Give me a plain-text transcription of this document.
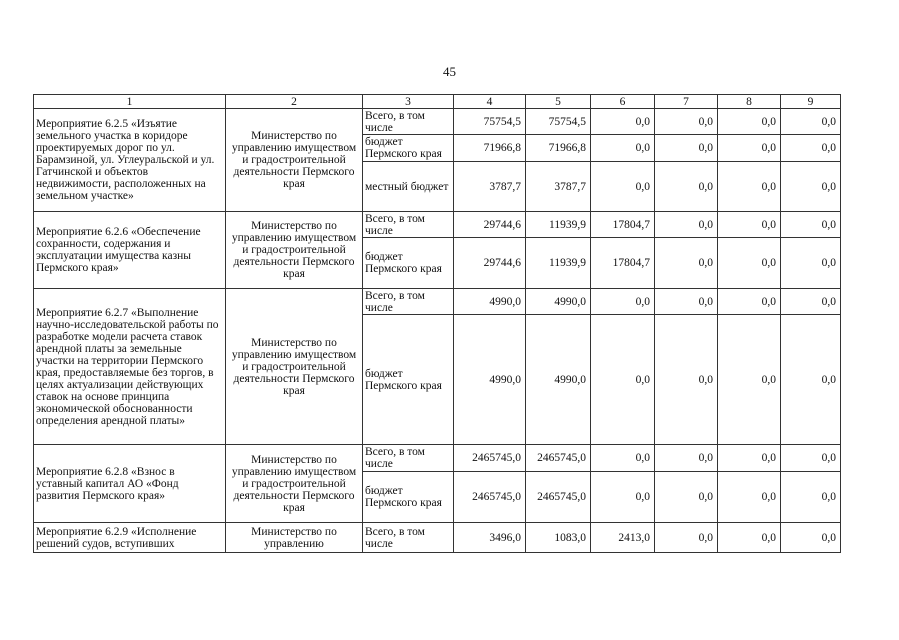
45
1	2	3	4	5	6	7	8	9
Мероприятие 6.2.5 «Изъятие земельного участка в коридоре проектируемых дорог по ул. Барамзиной, ул. Углеуральской и ул. Гатчинской и объектов недвижимости, расположенных на земельном участке»	Министерство по управлению имуществом и градостроительной деятельности Пермского края	Всего, в том числе	75754,5	75754,5	0,0	0,0	0,0	0,0
		бюджет Пермского края	71966,8	71966,8	0,0	0,0	0,0	0,0
		местный бюджет	3787,7	3787,7	0,0	0,0	0,0	0,0
Мероприятие 6.2.6 «Обеспечение сохранности, содержания и эксплуатации имущества казны Пермского края»	Министерство по управлению имуществом и градостроительной деятельности Пермского края	Всего, в том числе	29744,6	11939,9	17804,7	0,0	0,0	0,0
		бюджет Пермского края	29744,6	11939,9	17804,7	0,0	0,0	0,0
Мероприятие 6.2.7 «Выполнение научно-исследовательской работы по разработке модели расчета ставок арендной платы за земельные участки на территории Пермского края, предоставляемые без торгов, в целях актуализации действующих ставок на основе принципа экономической обоснованности определения арендной платы»	Министерство по управлению имуществом и градостроительной деятельности Пермского края	Всего, в том числе	4990,0	4990,0	0,0	0,0	0,0	0,0
		бюджет Пермского края	4990,0	4990,0	0,0	0,0	0,0	0,0
Мероприятие 6.2.8 «Взнос в уставный капитал АО «Фонд развития Пермского края»	Министерство по управлению имуществом и градостроительной деятельности Пермского края	Всего, в том числе	2465745,0	2465745,0	0,0	0,0	0,0	0,0
		бюджет Пермского края	2465745,0	2465745,0	0,0	0,0	0,0	0,0
Мероприятие 6.2.9 «Исполнение решений судов, вступивших	Министерство по управлению	Всего, в том числе	3496,0	1083,0	2413,0	0,0	0,0	0,0
